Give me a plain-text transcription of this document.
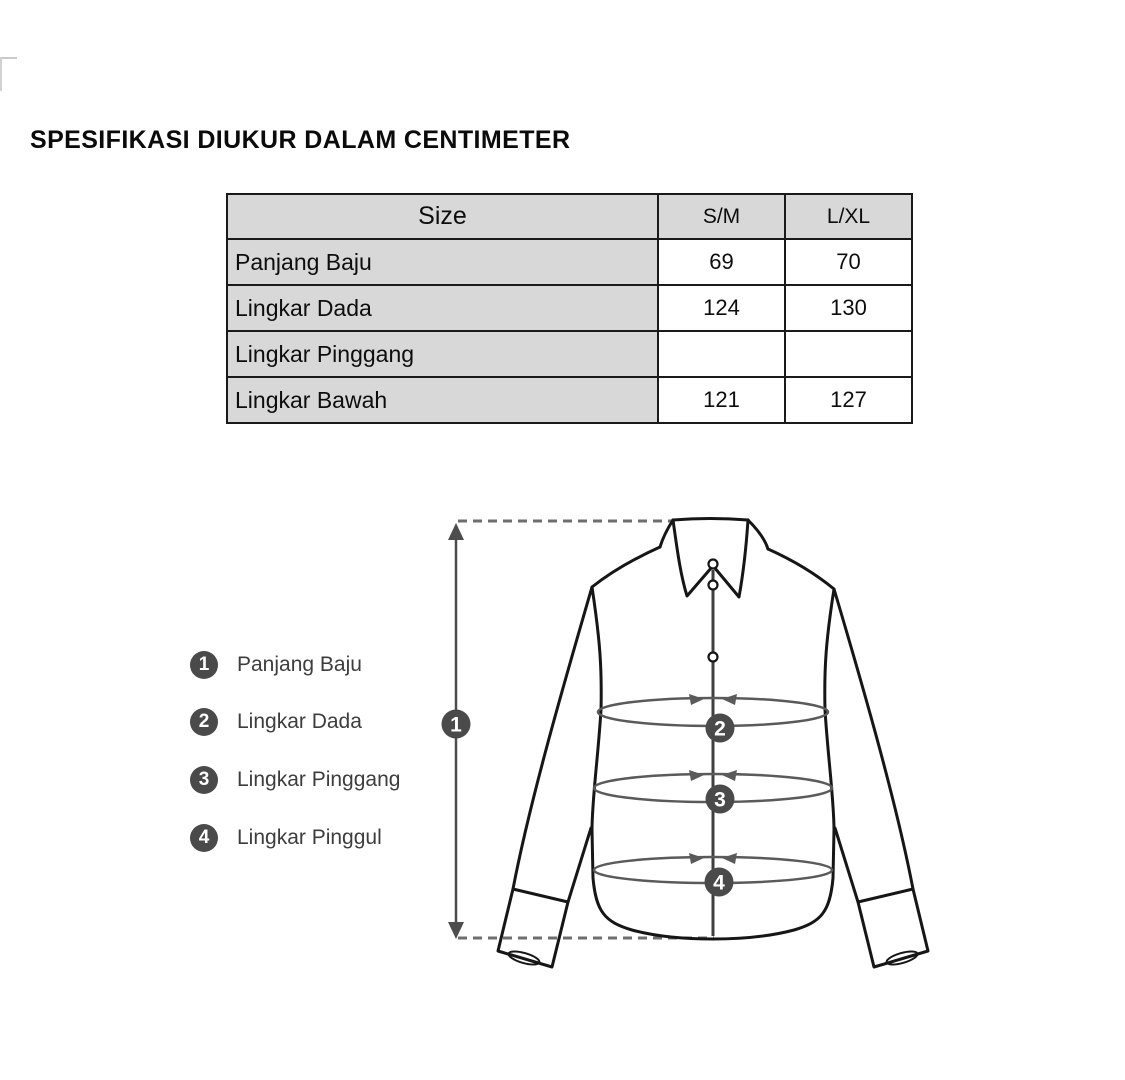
SPESIFIKASI DIUKUR DALAM CENTIMETER
Size	S/M	L/XL
Panjang Baju	69	70
Lingkar Dada	124	130
Lingkar Pinggang		
Lingkar Bawah	121	127
1	Panjang Baju
2	Lingkar Dada
3	Lingkar Pinggang
4	Lingkar Pinggul
1	2
3
4
